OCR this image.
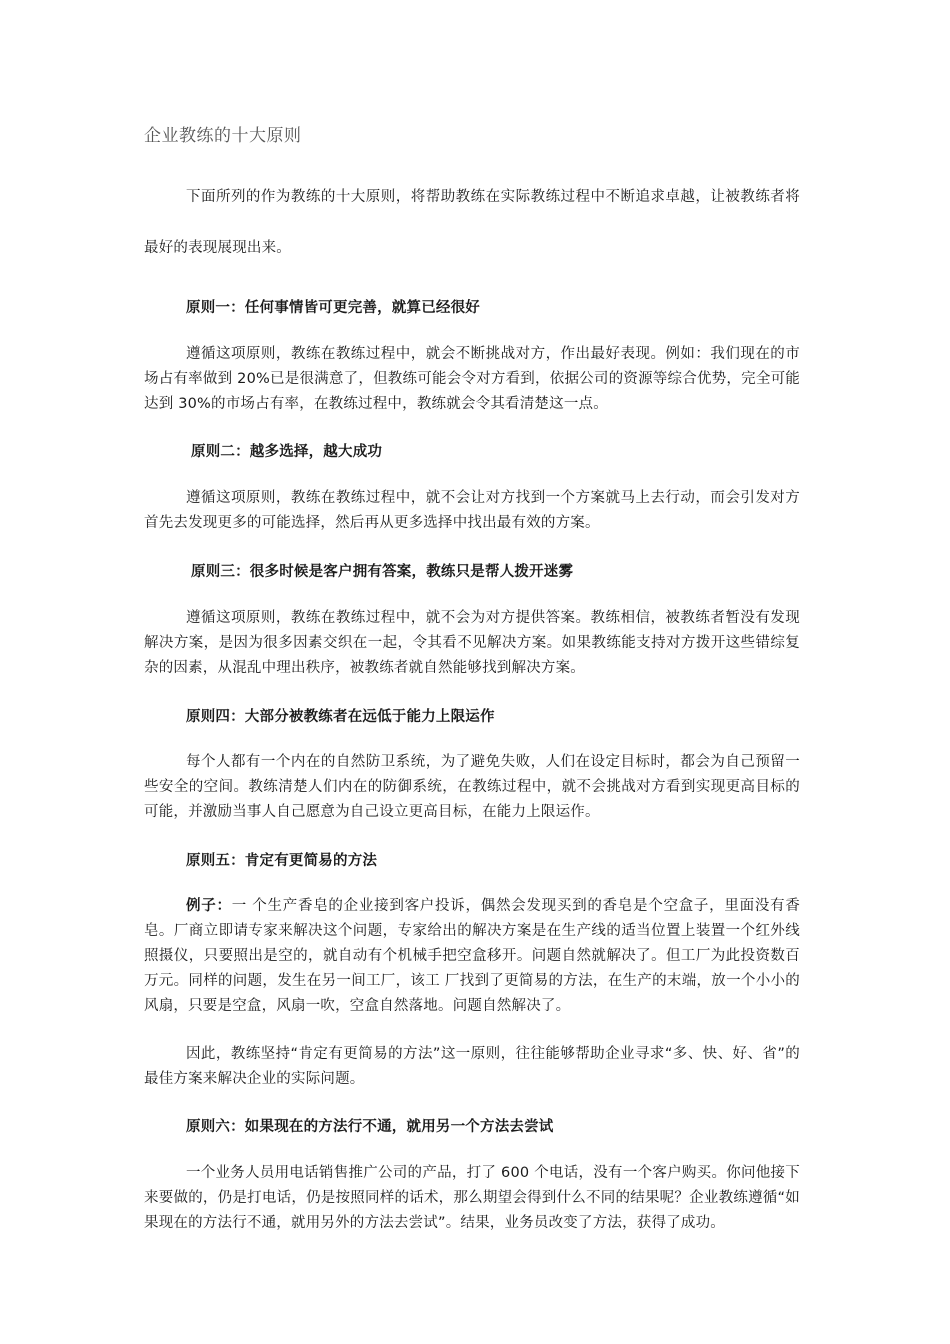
企业教练的十大原则
下面所列的作为教练的十大原则，将帮助教练在实际教练过程中不断追求卓越，让被教练者将最好的表现展现出来。
原则一：任何事情皆可更完善，就算已经很好
遵循这项原则，教练在教练过程中，就会不断挑战对方，作出最好表现。例如：我们现在的市场占有率做到 20%已是很满意了，但教练可能会令对方看到，依据公司的资源等综合优势，完全可能达到 30%的市场占有率，在教练过程中，教练就会令其看清楚这一点。
原则二：越多选择，越大成功
遵循这项原则，教练在教练过程中，就不会让对方找到一个方案就马上去行动，而会引发对方首先去发现更多的可能选择，然后再从更多选择中找出最有效的方案。
原则三：很多时候是客户拥有答案，教练只是帮人拨开迷雾
遵循这项原则，教练在教练过程中，就不会为对方提供答案。教练相信，被教练者暂没有发现解决方案，是因为很多因素交织在一起，令其看不见解决方案。如果教练能支持对方拨开这些错综复杂的因素，从混乱中理出秩序，被教练者就自然能够找到解决方案。
原则四：大部分被教练者在远低于能力上限运作
每个人都有一个内在的自然防卫系统，为了避免失败，人们在设定目标时，都会为自己预留一些安全的空间。教练清楚人们内在的防御系统，在教练过程中，就不会挑战对方看到实现更高目标的可能，并激励当事人自己愿意为自己设立更高目标，在能力上限运作。
原则五：肯定有更简易的方法
例子：一 个生产香皂的企业接到客户投诉，偶然会发现买到的香皂是个空盒子，里面没有香皂。厂商立即请专家来解决这个问题，专家给出的解决方案是在生产线的适当位置上装置一个红外线照摄仪，只要照出是空的，就自动有个机械手把空盒移开。问题自然就解决了。但工厂为此投资数百万元。同样的问题，发生在另一间工厂，该工 厂找到了更简易的方法，在生产的末端，放一个小小的风扇，只要是空盒，风扇一吹，空盒自然落地。问题自然解决了。
因此，教练坚持“肯定有更简易的方法”这一原则，往往能够帮助企业寻求“多、快、好、省”的最佳方案来解决企业的实际问题。
原则六：如果现在的方法行不通，就用另一个方法去尝试
一个业务人员用电话销售推广公司的产品，打了 600 个电话，没有一个客户购买。你问他接下来要做的，仍是打电话，仍是按照同样的话术，那么期望会得到什么不同的结果呢？企业教练遵循“如果现在的方法行不通，就用另外的方法去尝试”。结果，业务员改变了方法，获得了成功。
